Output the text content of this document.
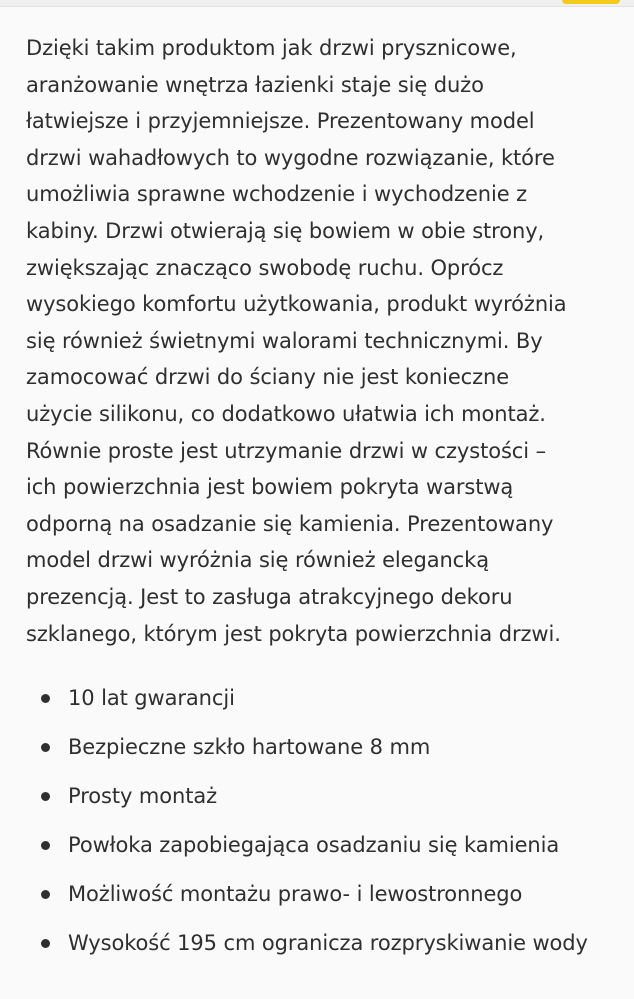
Dzięki takim produktom jak drzwi prysznicowe,
aranżowanie wnętrza łazienki staje się dużo
łatwiejsze i przyjemniejsze. Prezentowany model
drzwi wahadłowych to wygodne rozwiązanie, które
umożliwia sprawne wchodzenie i wychodzenie z
kabiny. Drzwi otwierają się bowiem w obie strony,
zwiększając znacząco swobodę ruchu. Oprócz
wysokiego komfortu użytkowania, produkt wyróżnia
się również świetnymi walorami technicznymi. By
zamocować drzwi do ściany nie jest konieczne
użycie silikonu, co dodatkowo ułatwia ich montaż.
Równie proste jest utrzymanie drzwi w czystości –
ich powierzchnia jest bowiem pokryta warstwą
odporną na osadzanie się kamienia. Prezentowany
model drzwi wyróżnia się również elegancką
prezencją. Jest to zasługa atrakcyjnego dekoru
szklanego, którym jest pokryta powierzchnia drzwi.

10 lat gwarancji
Bezpieczne szkło hartowane 8 mm
Prosty montaż
Powłoka zapobiegająca osadzaniu się kamienia
Możliwość montażu prawo- i lewostronnego
Wysokość 195 cm ogranicza rozpryskiwanie wody
